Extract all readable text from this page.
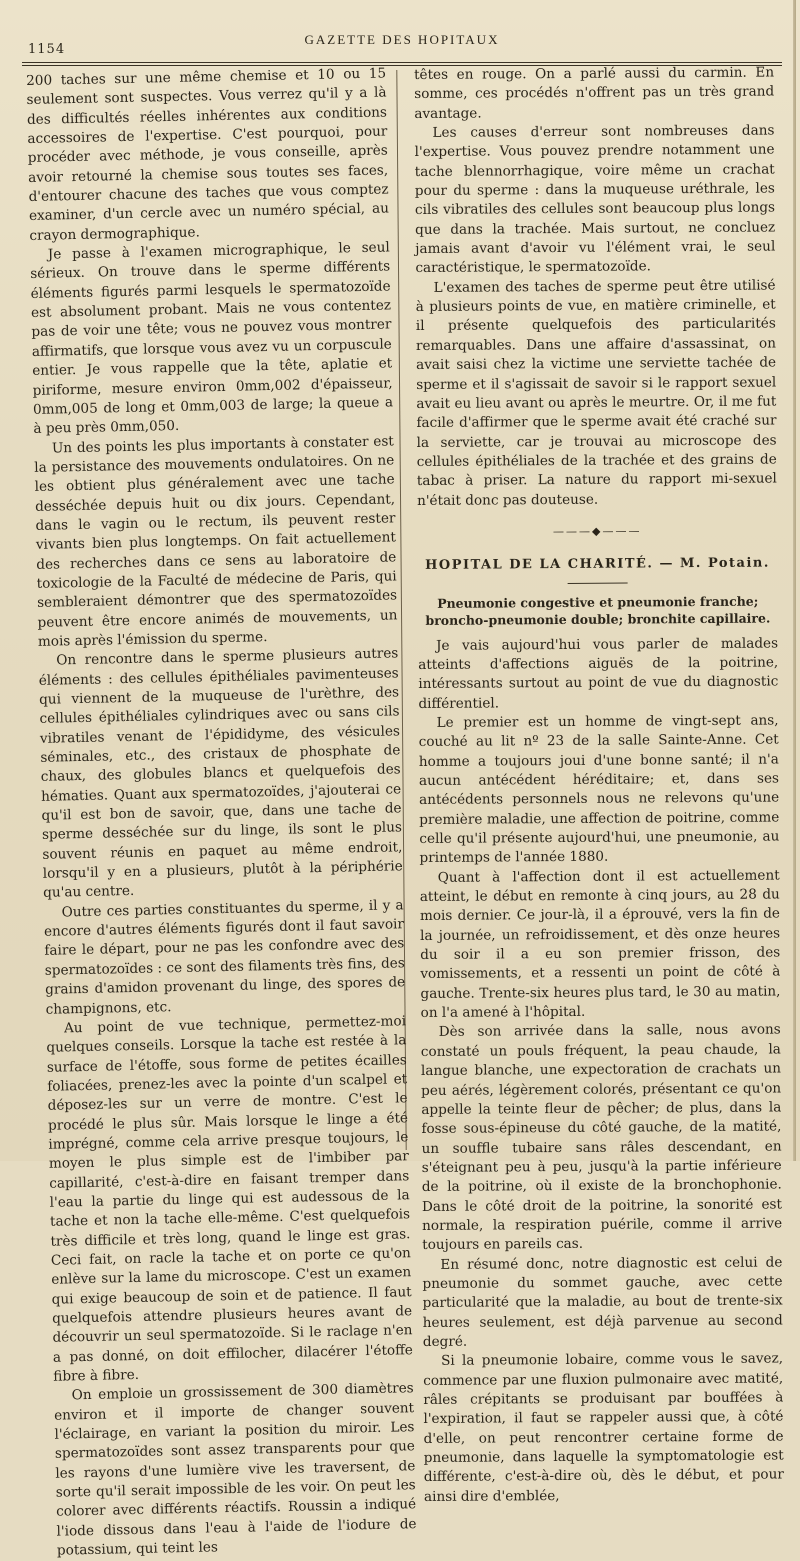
1154
GAZETTE DES HOPITAUX

200 taches sur une même chemise et 10 ou 15 seulement sont suspectes. Vous verrez qu'il y a là des difficultés réelles inhérentes aux conditions accessoires de l'expertise. C'est pourquoi, pour procéder avec méthode, je vous conseille, après avoir retourné la chemise sous toutes ses faces, d'entourer chacune des taches que vous comptez examiner, d'un cercle avec un numéro spécial, au crayon dermographique.

Je passe à l'examen micrographique, le seul sérieux. On trouve dans le sperme différents éléments figurés parmi lesquels le spermatozoïde est absolument probant. Mais ne vous contentez pas de voir une tête; vous ne pouvez vous montrer affirmatifs, que lorsque vous avez vu un corpuscule entier. Je vous rappelle que la tête, aplatie et piriforme, mesure environ 0mm,002 d'épaisseur, 0mm,005 de long et 0mm,003 de large; la queue a à peu près 0mm,050.

Un des points les plus importants à constater est la persistance des mouvements ondulatoires. On ne les obtient plus généralement avec une tache desséchée depuis huit ou dix jours. Cependant, dans le vagin ou le rectum, ils peuvent rester vivants bien plus longtemps. On fait actuellement des recherches dans ce sens au laboratoire de toxicologie de la Faculté de médecine de Paris, qui sembleraient démontrer que des spermatozoïdes peuvent être encore animés de mouvements, un mois après l'émission du sperme.

On rencontre dans le sperme plusieurs autres éléments : des cellules épithéliales pavimenteuses qui viennent de la muqueuse de l'urèthre, des cellules épithéliales cylindriques avec ou sans cils vibratiles venant de l'épididyme, des vésicules séminales, etc., des cristaux de phosphate de chaux, des globules blancs et quelquefois des hématies. Quant aux spermatozoïdes, j'ajouterai ce qu'il est bon de savoir, que, dans une tache de sperme desséchée sur du linge, ils sont le plus souvent réunis en paquet au même endroit, lorsqu'il y en a plusieurs, plutôt à la périphérie qu'au centre.

Outre ces parties constituantes du sperme, il y a encore d'autres éléments figurés dont il faut savoir faire le départ, pour ne pas les confondre avec des spermatozoïdes : ce sont des filaments très fins, des grains d'amidon provenant du linge, des spores de champignons, etc.

Au point de vue technique, permettez-moi quelques conseils. Lorsque la tache est restée à la surface de l'étoffe, sous forme de petites écailles foliacées, prenez-les avec la pointe d'un scalpel et déposez-les sur un verre de montre. C'est le procédé le plus sûr. Mais lorsque le linge a été imprégné, comme cela arrive presque toujours, le moyen le plus simple est de l'imbiber par capillarité, c'est-à-dire en faisant tremper dans l'eau la partie du linge qui est audessous de la tache et non la tache elle-même. C'est quelquefois très difficile et très long, quand le linge est gras. Ceci fait, on racle la tache et on porte ce qu'on enlève sur la lame du microscope. C'est un examen qui exige beaucoup de soin et de patience. Il faut quelquefois attendre plusieurs heures avant de découvrir un seul spermatozoïde. Si le raclage n'en a pas donné, on doit effilocher, dilacérer l'étoffe fibre à fibre.

On emploie un grossissement de 300 diamètres environ et il importe de changer souvent l'éclairage, en variant la position du miroir. Les spermatozoïdes sont assez transparents pour que les rayons d'une lumière vive les traversent, de sorte qu'il serait impossible de les voir. On peut les colorer avec différents réactifs. Roussin a indiqué l'iode dissous dans l'eau à l'aide de l'iodure de potassium, qui teint les

têtes en rouge. On a parlé aussi du carmin. En somme, ces procédés n'offrent pas un très grand avantage.

Les causes d'erreur sont nombreuses dans l'expertise. Vous pouvez prendre notamment une tache blennorrhagique, voire même un crachat pour du sperme : dans la muqueuse uréthrale, les cils vibratiles des cellules sont beaucoup plus longs que dans la trachée. Mais surtout, ne concluez jamais avant d'avoir vu l'élément vrai, le seul caractéristique, le spermatozoïde.

L'examen des taches de sperme peut être utilisé à plusieurs points de vue, en matière criminelle, et il présente quelquefois des particularités remarquables. Dans une affaire d'assassinat, on avait saisi chez la victime une serviette tachée de sperme et il s'agissait de savoir si le rapport sexuel avait eu lieu avant ou après le meurtre. Or, il me fut facile d'affirmer que le sperme avait été craché sur la serviette, car je trouvai au microscope des cellules épithéliales de la trachée et des grains de tabac à priser. La nature du rapport mi-sexuel n'était donc pas douteuse.

———◆———
HOPITAL DE LA CHARITÉ. — M. Potain.
Pneumonie congestive et pneumonie franche; broncho-pneumonie double; bronchite capillaire.

Je vais aujourd'hui vous parler de malades atteints d'affections aiguës de la poitrine, intéressants surtout au point de vue du diagnostic différentiel.

Le premier est un homme de vingt-sept ans, couché au lit nº 23 de la salle Sainte-Anne. Cet homme a toujours joui d'une bonne santé; il n'a aucun antécédent héréditaire; et, dans ses antécédents personnels nous ne relevons qu'une première maladie, une affection de poitrine, comme celle qu'il présente aujourd'hui, une pneumonie, au printemps de l'année 1880.

Quant à l'affection dont il est actuellement atteint, le début en remonte à cinq jours, au 28 du mois dernier. Ce jour-là, il a éprouvé, vers la fin de la journée, un refroidissement, et dès onze heures du soir il a eu son premier frisson, des vomissements, et a ressenti un point de côté à gauche. Trente-six heures plus tard, le 30 au matin, on l'a amené à l'hôpital.

Dès son arrivée dans la salle, nous avons constaté un pouls fréquent, la peau chaude, la langue blanche, une expectoration de crachats un peu aérés, légèrement colorés, présentant ce qu'on appelle la teinte fleur de pêcher; de plus, dans la fosse sous-épineuse du côté gauche, de la matité, un souffle tubaire sans râles descendant, en s'éteignant peu à peu, jusqu'à la partie inférieure de la poitrine, où il existe de la bronchophonie. Dans le côté droit de la poitrine, la sonorité est normale, la respiration puérile, comme il arrive toujours en pareils cas.

En résumé donc, notre diagnostic est celui de pneumonie du sommet gauche, avec cette particularité que la maladie, au bout de trente-six heures seulement, est déjà parvenue au second degré.

Si la pneumonie lobaire, comme vous le savez, commence par une fluxion pulmonaire avec matité, râles crépitants se produisant par bouffées à l'expiration, il faut se rappeler aussi que, à côté d'elle, on peut rencontrer certaine forme de pneumonie, dans laquelle la symptomatologie est différente, c'est-à-dire où, dès le début, et pour ainsi dire d'emblée,
